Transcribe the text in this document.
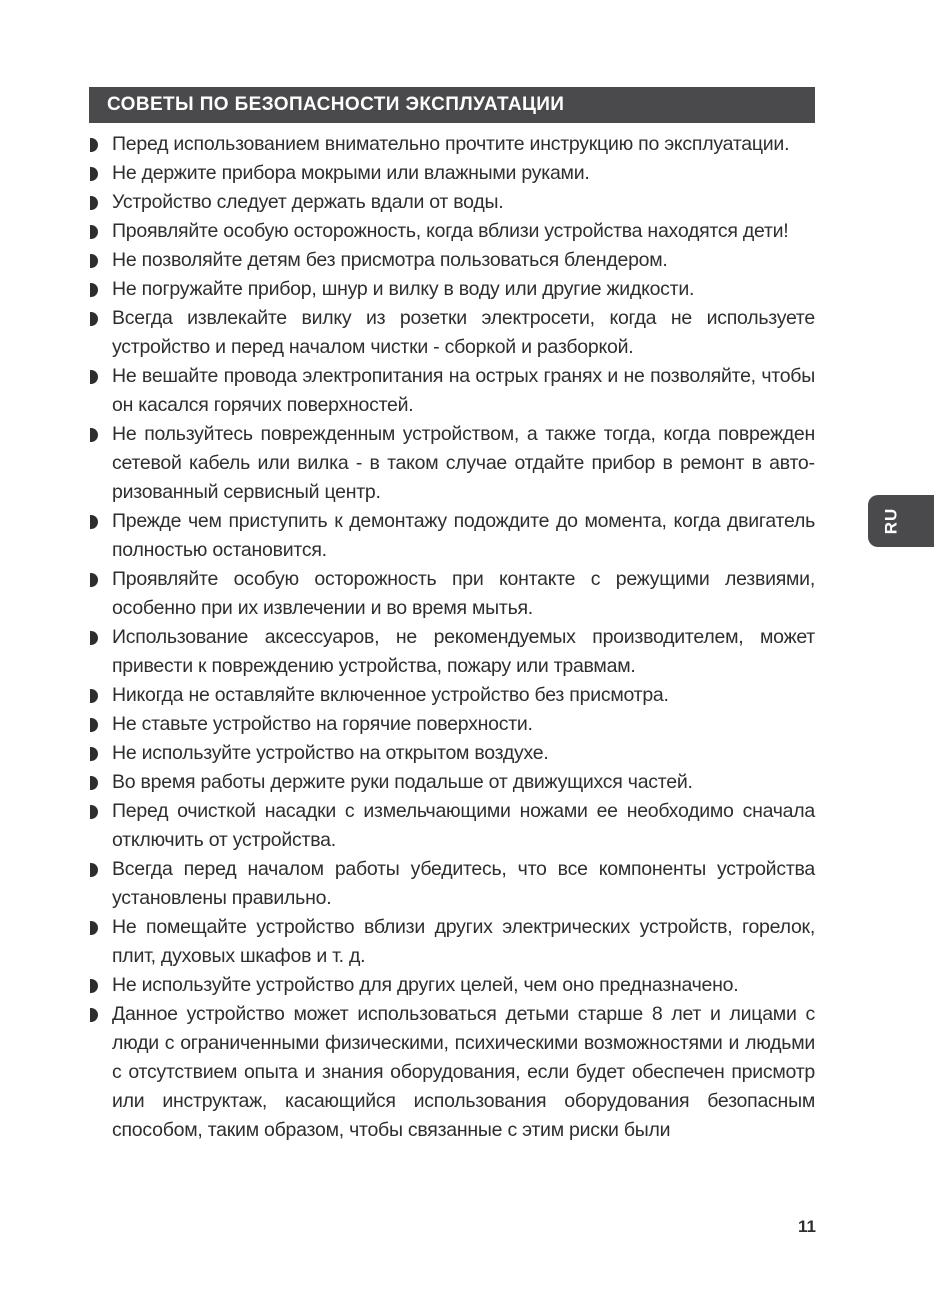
СОВЕТЫ ПО БЕЗОПАСНОСТИ ЭКСПЛУАТАЦИИ
Перед использованием внимательно прочтите инструкцию по эксплуатации.
Не держите прибора мокрыми или влажными руками.
Устройство следует держать вдали от воды.
Проявляйте особую осторожность, когда вблизи устройства находятся дети!
Не позволяйте детям без присмотра пользоваться блендером.
Не погружайте прибор, шнур и вилку в воду или другие жидкости.
Всегда извлекайте вилку из розетки электросети, когда не используете устройство и перед началом чистки - сборкой и разборкой.
Не вешайте провода электропитания на острых гранях и не позволяйте, чтобы он касался горячих поверхностей.
Не пользуйтесь поврежденным устройством, а также тогда, когда поврежден сетевой кабель или вилка - в таком случае отдайте прибор в ремонт в авторизованный сервисный центр.
Прежде чем приступить к демонтажу подождите до момента, когда двигатель полностью остановится.
Проявляйте особую осторожность при контакте с режущими лезвиями, особенно при их извлечении и во время мытья.
Использование аксессуаров, не рекомендуемых производителем, может привести к повреждению устройства, пожару или травмам.
Никогда не оставляйте включенное устройство без присмотра.
Не ставьте устройство на горячие поверхности.
Не используйте устройство на открытом воздухе.
Во время работы держите руки подальше от движущихся частей.
Перед очисткой насадки с измельчающими ножами ее необходимо сначала отключить от устройства.
Всегда перед началом работы убедитесь, что все компоненты устройства установлены правильно.
Не помещайте устройство вблизи других электрических устройств, горелок, плит, духовых шкафов и т. д.
Не используйте устройство для других целей, чем оно предназначено.
Данное устройство может использоваться детьми старше 8 лет и лицами с люди с ограниченными физическими, психическими возможностями и людьми с отсутствием опыта и знания оборудования, если будет обеспечен присмотр или инструктаж, касающийся использования оборудования безопасным способом, таким образом, чтобы связанные с этим риски были
RU
11
